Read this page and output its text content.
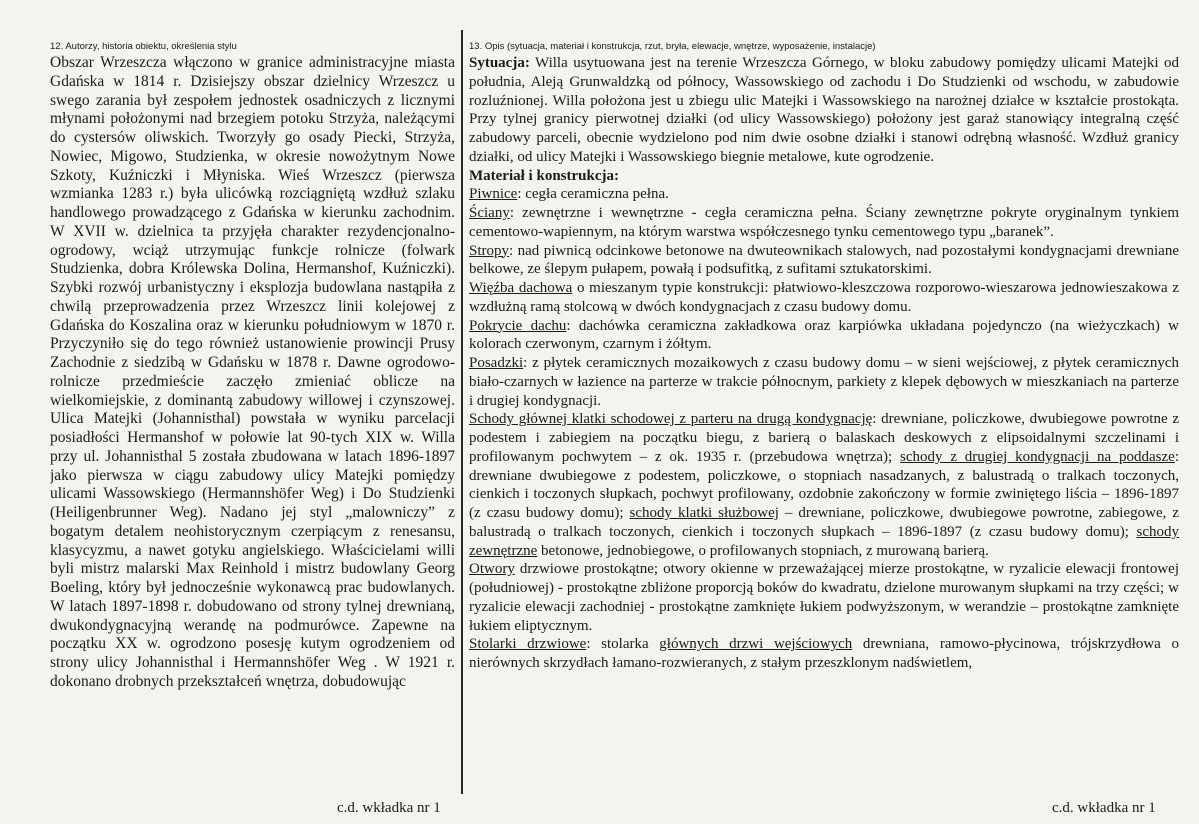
12. Autorzy, historia obiektu, określenia stylu

Obszar Wrzeszcza włączono w granice administracyjne miasta Gdańska w 1814 r. Dzisiejszy obszar dzielnicy Wrzeszcz u swego zarania był zespołem jednostek osadniczych z licznymi młynami położonymi nad brzegiem potoku Strzyża, należącymi do cystersów oliwskich. Tworzyły go osady Piecki, Strzyża, Nowiec, Migowo, Studzienka, w okresie nowożytnym Nowe Szkoty, Kuźniczki i Młyniska. Wieś Wrzeszcz (pierwsza wzmianka 1283 r.) była ulicówką rozciągniętą wzdłuż szlaku handlowego prowadzącego z Gdańska w kierunku zachodnim. W XVII w. dzielnica ta przyjęła charakter rezydencjonalno-ogrodowy, wciąż utrzymując funkcje rolnicze (folwark Studzienka, dobra Królewska Dolina, Hermanshof, Kuźniczki). Szybki rozwój urbanistyczny i eksplozja budowlana nastąpiła z chwilą przeprowadzenia przez Wrzeszcz linii kolejowej z Gdańska do Koszalina oraz w kierunku południowym w 1870 r. Przyczyniło się do tego również ustanowienie prowincji Prusy Zachodnie z siedzibą w Gdańsku w 1878 r. Dawne ogrodowo-rolnicze przedmieście zaczęło zmieniać oblicze na wielkomiejskie, z dominantą zabudowy willowej i czynszowej. Ulica Matejki (Johannisthal) powstała w wyniku parcelacji posiadłości Hermanshof w połowie lat 90-tych XIX w. Willa przy ul. Johannisthal 5 została zbudowana w latach 1896-1897 jako pierwsza w ciągu zabudowy ulicy Matejki pomiędzy ulicami Wassowskiego (Hermannshöfer Weg) i Do Studzienki (Heiligenbrunner Weg). Nadano jej styl „malowniczy” z bogatym detalem neohistorycznym czerpiącym z renesansu, klasycyzmu, a nawet gotyku angielskiego. Właścicielami willi byli mistrz malarski Max Reinhold i mistrz budowlany Georg Boeling, który był jednocześnie wykonawcą prac budowlanych. W latach 1897-1898 r. dobudowano od strony tylnej drewnianą, dwukondygnacyjną werandę na podmurówce. Zapewne na początku XX w. ogrodzono posesję kutym ogrodzeniem od strony ulicy Johannisthal i Hermannshöfer Weg . W 1921 r. dokonano drobnych przekształceń wnętrza, dobudowując

13. Opis (sytuacja, materiał i konstrukcja, rzut, bryła, elewacje, wnętrze, wyposażenie, instalacje)

Sytuacja: Willa usytuowana jest na terenie Wrzeszcza Górnego, w bloku zabudowy pomiędzy ulicami Matejki od południa, Aleją Grunwaldzką od północy, Wassowskiego od zachodu i Do Studzienki od wschodu, w zabudowie rozluźnionej. Willa położona jest u zbiegu ulic Matejki i Wassowskiego na narożnej działce w kształcie prostokąta. Przy tylnej granicy pierwotnej działki (od ulicy Wassowskiego) położony jest garaż stanowiący integralną część zabudowy parceli, obecnie wydzielono pod nim dwie osobne działki i stanowi odrębną własność. Wzdłuż granicy działki, od ulicy Matejki i Wassowskiego biegnie metalowe, kute ogrodzenie.

Materiał i konstrukcja:

Piwnice: cegła ceramiczna pełna.

Ściany: zewnętrzne i wewnętrzne - cegła ceramiczna pełna. Ściany zewnętrzne pokryte oryginalnym tynkiem cementowo-wapiennym, na którym warstwa współczesnego tynku cementowego typu „baranek”.

Stropy: nad piwnicą odcinkowe betonowe na dwuteownikach stalowych, nad pozostałymi kondygnacjami drewniane belkowe, ze ślepym pułapem, powałą i podsufitką, z sufitami sztukatorskimi.

Więźba dachowa o mieszanym typie konstrukcji: płatwiowo-kleszczowa rozporowo-wieszarowa jednowieszakowa z wzdłużną ramą stolcową w dwóch kondygnacjach z czasu budowy domu.

Pokrycie dachu: dachówka ceramiczna zakładkowa oraz karpiówka układana pojedynczo (na wieżyczkach) w kolorach czerwonym, czarnym i żółtym.

Posadzki: z płytek ceramicznych mozaikowych z czasu budowy domu – w sieni wejściowej, z płytek ceramicznych biało-czarnych w łazience na parterze w trakcie północnym, parkiety z klepek dębowych w mieszkaniach na parterze i drugiej kondygnacji.

Schody głównej klatki schodowej z parteru na drugą kondygnację: drewniane, policzkowe, dwubiegowe powrotne z podestem i zabiegiem na początku biegu, z barierą o balaskach deskowych z elipsoidalnymi szczelinami i profilowanym pochwytem – z ok. 1935 r. (przebudowa wnętrza); schody z drugiej kondygnacji na poddasze: drewniane dwubiegowe z podestem, policzkowe, o stopniach nasadzanych, z balustradą o tralkach toczonych, cienkich i toczonych słupkach, pochwyt profilowany, ozdobnie zakończony w formie zwiniętego liścia – 1896-1897 (z czasu budowy domu); schody klatki służbowej – drewniane, policzkowe, dwubiegowe powrotne, zabiegowe, z balustradą o tralkach toczonych, cienkich i toczonych słupkach – 1896-1897 (z czasu budowy domu); schody zewnętrzne betonowe, jednobiegowe, o profilowanych stopniach, z murowaną barierą.

Otwory drzwiowe prostokątne; otwory okienne w przeważającej mierze prostokątne, w ryzalicie elewacji frontowej (południowej) - prostokątne zbliżone proporcją boków do kwadratu, dzielone murowanym słupkami na trzy części; w ryzalicie elewacji zachodniej - prostokątne zamknięte łukiem podwyższonym, w werandzie – prostokątne zamknięte łukiem eliptycznym.

Stolarki drzwiowe: stolarka głównych drzwi wejściowych drewniana, ramowo-płycinowa, trójskrzydłowa o nierównych skrzydłach łamano-rozwieranych, z stałym przeszklonym nadświetlem,

c.d. wkładka nr 1	c.d. wkładka nr 1
